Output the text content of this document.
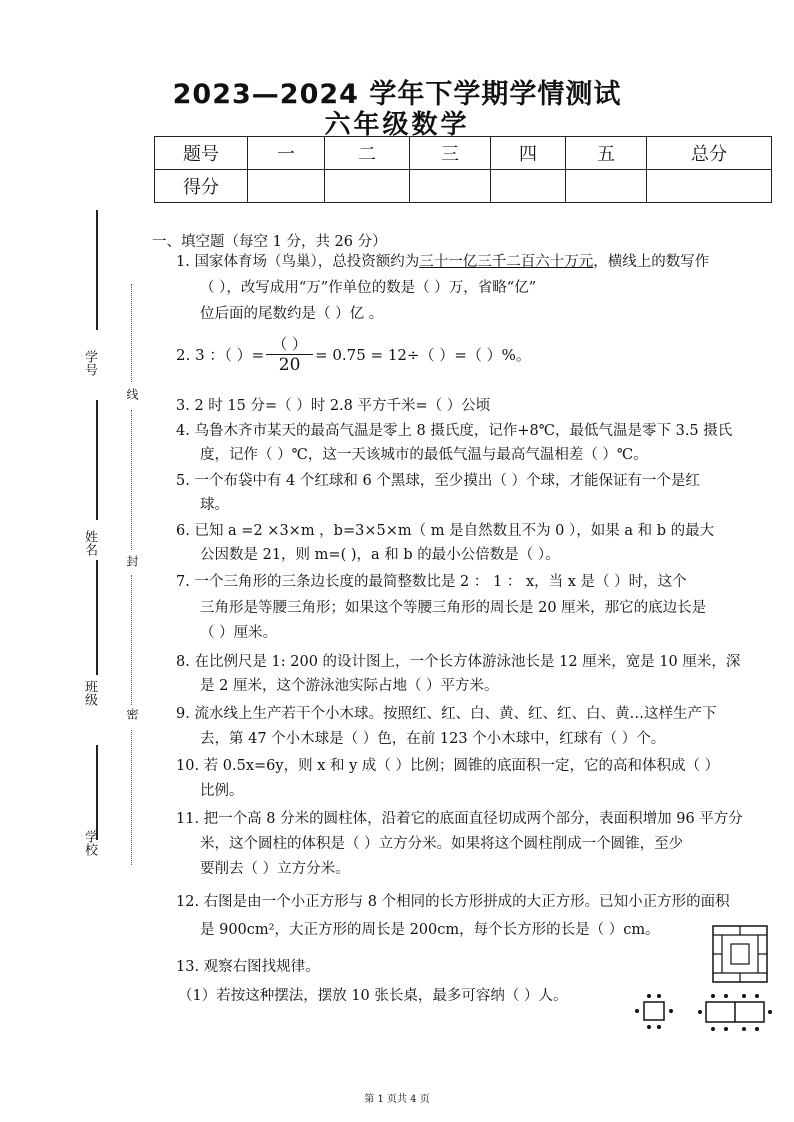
2023—2024 学年下学期学情测试
六年级数学
题号	一	二	三	四	五	总分
得分						
学号
姓名
班级
学校
线
封
密
一、填空题（每空 1 分，共 26 分）
1. 国家体育场（鸟巢），总投资额约为三十一亿三千二百六十万元，横线上的数写作
（ ），改写成用“万”作单位的数是（ ）万，省略“亿”
位后面的尾数约是（ ）亿 。
2. 3 ：（ ）= $\frac{( )}{20} = 0.75 = 12\div$（ ）=（ ）%。
3. 2 时 15 分=（ ）时 2.8 平方千米=（ ）公顷
4. 乌鲁木齐市某天的最高气温是零上 8 摄氏度，记作+8℃，最低气温是零下 3.5 摄氏
度，记作（ ）℃，这一天该城市的最低气温与最高气温相差（ ）℃。
5. 一个布袋中有 4 个红球和 6 个黑球，至少摸出（ ）个球，才能保证有一个是红
球。
6. 已知 a =2 ×3×m ，b=3×5×m（ m 是自然数且不为 0 ），如果 a 和 b 的最大
公因数是 21，则 m=( )，a 和 b 的最小公倍数是（ ）。
7. 一个三角形的三条边长度的最简整数比是 2 ： 1 ： x，当 x 是（ ）时，这个
三角形是等腰三角形；如果这个等腰三角形的周长是 20 厘米，那它的底边长是
（ ）厘米。
8. 在比例尺是 1: 200 的设计图上，一个长方体游泳池长是 12 厘米，宽是 10 厘米，深
是 2 厘米，这个游泳池实际占地（ ）平方米。
9. 流水线上生产若干个小木球。按照红、红、白、黄、红、红、白、黄…这样生产下
去，第 47 个小木球是（ ）色，在前 123 个小木球中，红球有（ ）个。
10. 若 0.5x=6y，则 x 和 y 成（ ）比例；圆锥的底面积一定，它的高和体积成（ ）
比例。
11. 把一个高 8 分米的圆柱体，沿着它的底面直径切成两个部分，表面积增加 96 平方分
米，这个圆柱的体积是（ ）立方分米。如果将这个圆柱削成一个圆锥，至少
要削去（ ）立方分米。
12. 右图是由一个小正方形与 8 个相同的长方形拼成的大正方形。已知小正方形的面积
是 900cm²，大正方形的周长是 200cm，每个长方形的长是（ ）cm。
13. 观察右图找规律。
（1）若按这种摆法，摆放 10 张长桌，最多可容纳（ ）人。
第 1 页共 4 页
